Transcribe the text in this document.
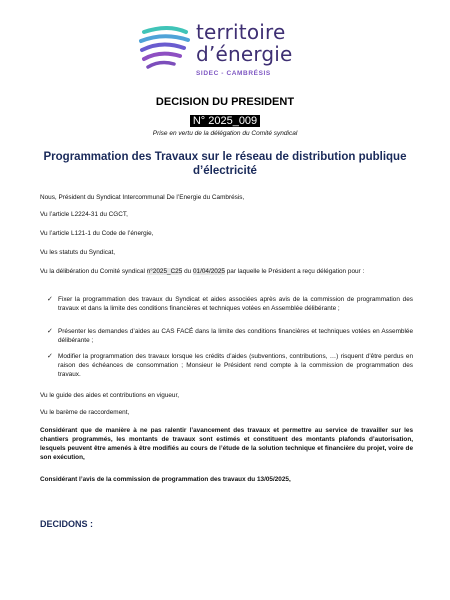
territoire
d’énergie
SIDEC - CAMBRÉSIS
DECISION DU PRESIDENT
N° 2025_009
Prise en vertu de la délégation du Comité syndical
Programmation des Travaux sur le réseau de distribution publique d’électricité
Nous, Président du Syndicat Intercommunal De l’Energie du Cambrésis,
Vu l’article L2224-31 du CGCT,
Vu l’article L121-1 du Code de l’énergie,
Vu les statuts du Syndicat,
Vu la délibération du Comité syndical n°2025_C25 du 01/04/2025 par laquelle le Président a reçu délégation pour :
✓ Fixer la programmation des travaux du Syndicat et aides associées après avis de la commission de programmation des travaux et dans la limite des conditions financières et techniques votées en Assemblée délibérante ;
✓ Présenter les demandes d’aides au CAS FACÉ dans la limite des conditions financières et techniques votées en Assemblée délibérante ;
✓ Modifier la programmation des travaux lorsque les crédits d’aides (subventions, contributions, …) risquent d’être perdus en raison des échéances de consommation ; Monsieur le Président rend compte à la commission de programmation des travaux.
Vu le guide des aides et contributions en vigueur,
Vu le barème de raccordement,
Considérant que de manière à ne pas ralentir l’avancement des travaux et permettre au service de travailler sur les chantiers programmés, les montants de travaux sont estimés et constituent des montants plafonds d’autorisation, lesquels peuvent être amenés à être modifiés au cours de l’étude de la solution technique et financière du projet, voire de son exécution,
Considérant l’avis de la commission de programmation des travaux du 13/05/2025,
DECIDONS :
